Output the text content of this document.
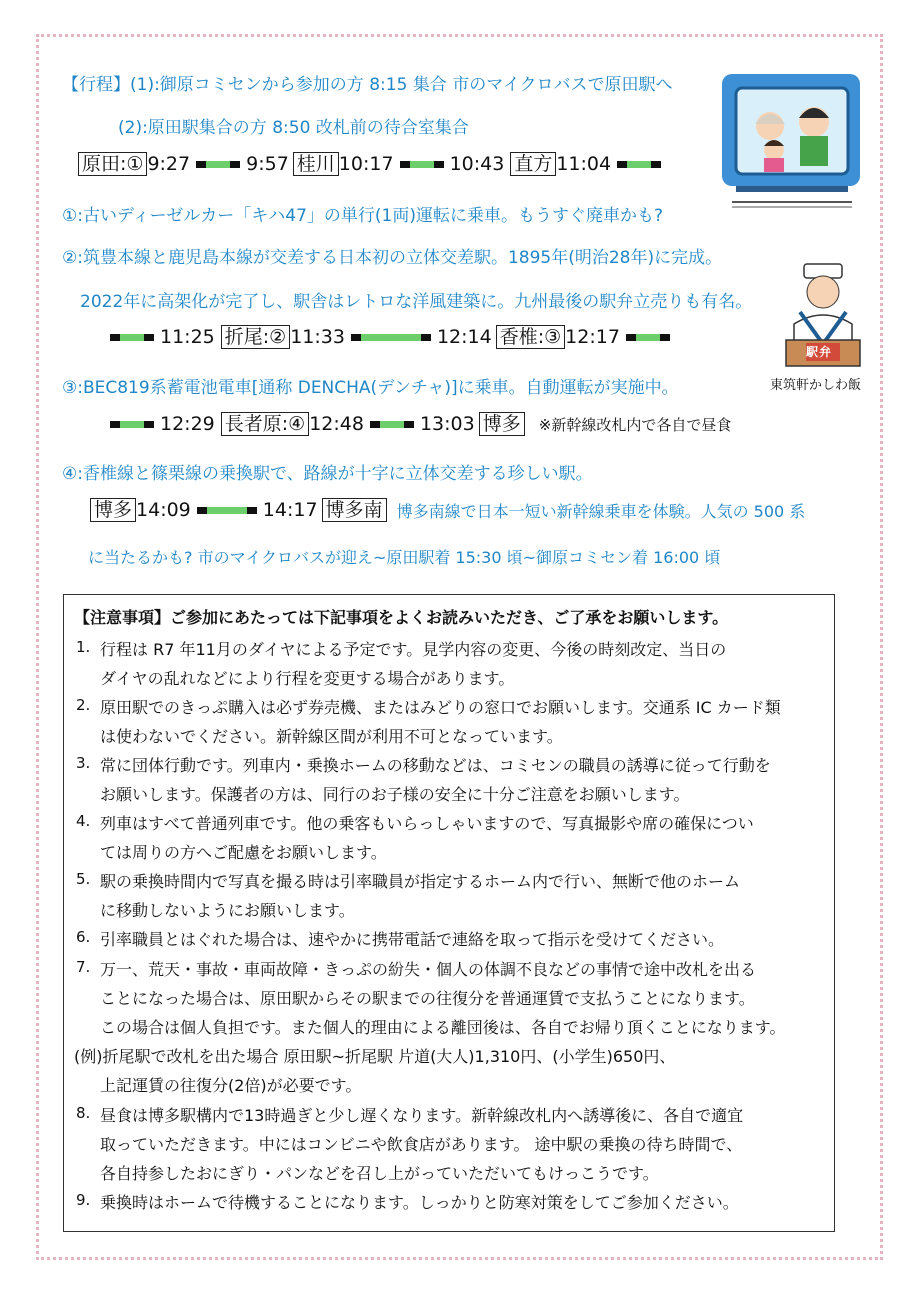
【行程】(1):御原コミセンから参加の方 8:15 集合 市のマイクロバスで原田駅へ
(2):原田駅集合の方 8:50 改札前の待合室集合
原田:① 9:27	9:57 桂川 10:17	10:43 直方 11:04
①:古いディーゼルカー「キハ47」の単行(1両)運転に乗車。もうすぐ廃車かも?
②:筑豊本線と鹿児島本線が交差する日本初の立体交差駅。1895年(明治28年)に完成。
2022年に高架化が完了し、駅舎はレトロな洋風建築に。九州最後の駅弁立売りも有名。
駅弁
東筑軒かしわ飯
11:25 折尾:② 11:33	12:14 香椎:③ 12:17
③:BEC819系蓄電池電車[通称 DENCHA(デンチャ)]に乗車。自動運転が実施中。
12:29 長者原:④ 12:48	13:03 博多 ※新幹線改札内で各自で昼食
④:香椎線と篠栗線の乗換駅で、路線が十字に立体交差する珍しい駅。
博多 14:09	14:17 博多南 博多南線で日本一短い新幹線乗車を体験。人気の 500 系
に当たるかも? 市のマイクロバスが迎え~原田駅着 15:30 頃~御原コミセン着 16:00 頃
【注意事項】ご参加にあたっては下記事項をよくお読みいただき、ご了承をお願いします。
1. 行程は R7 年11月のダイヤによる予定です。見学内容の変更、今後の時刻改定、当日の
ダイヤの乱れなどにより行程を変更する場合があります。
2. 原田駅でのきっぷ購入は必ず券売機、またはみどりの窓口でお願いします。交通系 IC カード類
は使わないでください。新幹線区間が利用不可となっています。
3. 常に団体行動です。列車内・乗換ホームの移動などは、コミセンの職員の誘導に従って行動を
お願いします。保護者の方は、同行のお子様の安全に十分ご注意をお願いします。
4. 列車はすべて普通列車です。他の乗客もいらっしゃいますので、写真撮影や席の確保につい
ては周りの方へご配慮をお願いします。
5. 駅の乗換時間内で写真を撮る時は引率職員が指定するホーム内で行い、無断で他のホーム
に移動しないようにお願いします。
6. 引率職員とはぐれた場合は、速やかに携帯電話で連絡を取って指示を受けてください。
7. 万一、荒天・事故・車両故障・きっぷの紛失・個人の体調不良などの事情で途中改札を出る
ことになった場合は、原田駅からその駅までの往復分を普通運賃で支払うことになります。
この場合は個人負担です。また個人的理由による離団後は、各自でお帰り頂くことになります。
(例)折尾駅で改札を出た場合 原田駅~折尾駅 片道(大人)1,310円、(小学生)650円、
上記運賃の往復分(2倍)が必要です。
8. 昼食は博多駅構内で13時過ぎと少し遅くなります。新幹線改札内へ誘導後に、各自で適宜
取っていただきます。中にはコンビニや飲食店があります。 途中駅の乗換の待ち時間で、
各自持参したおにぎり・パンなどを召し上がっていただいてもけっこうです。
9. 乗換時はホームで待機することになります。しっかりと防寒対策をしてご参加ください。
